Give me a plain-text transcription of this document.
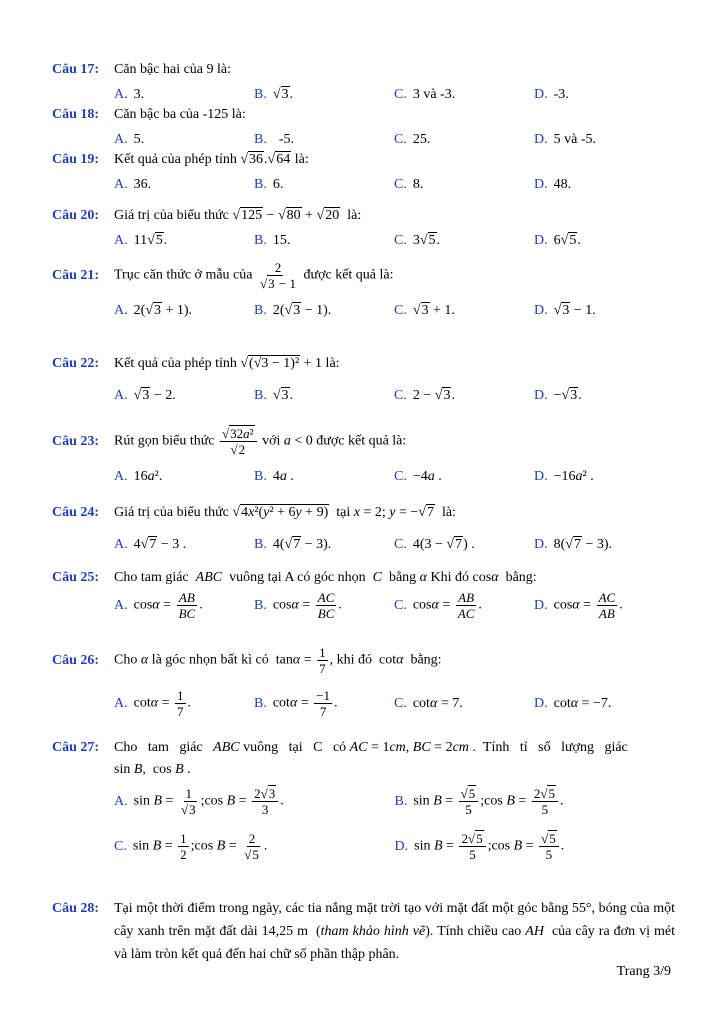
Câu 17:	Căn bậc hai của 9 là:
A. 3.	B. √3.	C. 3 và -3.	D. -3.
Câu 18:	Căn bậc ba của -125 là:
A. 5.	B. -5.	C. 25.	D. 5 và -5.
Câu 19:	Kết quả của phép tính √36.√64 là:
A. 36.	B. 6.	C. 8.	D. 48.
Câu 20:	Giá trị của biểu thức √125 − √80 + √20  là:
A. 11√5.	B. 15.	C. 3√5.	D. 6√5.
Câu 21:	Trục căn thức ở mẫu của $\frac{2}{√3 - 1}$ được kết quả là:
A. 2(√3 + 1).	B. 2(√3 − 1).	C. √3 + 1.	D. √3 − 1.
Câu 22:	Kết quả của phép tính √(√3 − 1)² + 1 là:
A. √3 − 2.	B. √3.	C. 2 − √3.	D. −√3.
Câu 23:	Rút gọn biểu thức $\frac{\text{√32a²}}{√2}$ với a < 0 được kết quả là:
A. 16a².	B. 4a .	C. −4a .	D. −16a² .
Câu 24:	Giá trị của biểu thức √4x²(y² + 6y + 9)  tại x = 2; y = −√7  là:
A. 4√7 − 3 .	B. 4(√7 − 3).	C. 4(3 − √7) .	D. 8(√7 − 3).
Câu 25:	Cho tam giác  ABC  vuông tại A có góc nhọn  C  bằng α Khi đó cosα  bằng:
A. $\cos\alpha = \frac{AB}{BC}$ .	B. $\cos\alpha = \frac{AC}{BC}$ .	C. $\cos\alpha = \frac{AB}{AC}$ .	D. $\cos\alpha = \frac{AC}{AB}$ .
Câu 26:	Cho α là góc nhọn bất kì có  $\tan\alpha = \frac{1}{7}$ , khi đó  cotα  bằng:
A. $\cot\alpha = \frac{1}{7}$ .	B. $\cot\alpha = \frac{-1}{7}$ .	C. cotα = 7.	D. cotα = −7.
Câu 27:	Cho   tam   giác   ABC vuông   tại   C   có AC = 1cm, BC = 2cm .  Tính   tỉ   số   lượng   giác
sin B,  cos B .
A. $\sin B = \frac{1}{√3}$ ;cos $B = \frac{2√3}{3}$ .	B. $\sin B = \frac{√5}{5}$ ;cos $B = \frac{2√5}{5}$ .
C. $\sin B = \frac{1}{2}$ ;cos $B = \frac{2}{√5}$ .	D. $\sin B = \frac{2√5}{5}$ ;cos $B = \frac{√5}{5}$ .
Câu 28:	Tại một thời điểm trong ngày, các tia nắng mặt trời tạo với mặt đất một góc bằng 55°, bóng của một cây xanh trên mặt đất dài 14,25 m  (tham khảo hình vẽ). Tính chiều cao AH  của cây ra đơn vị mét và làm tròn kết quả đến hai chữ số phần thập phân.
Trang 3/9
